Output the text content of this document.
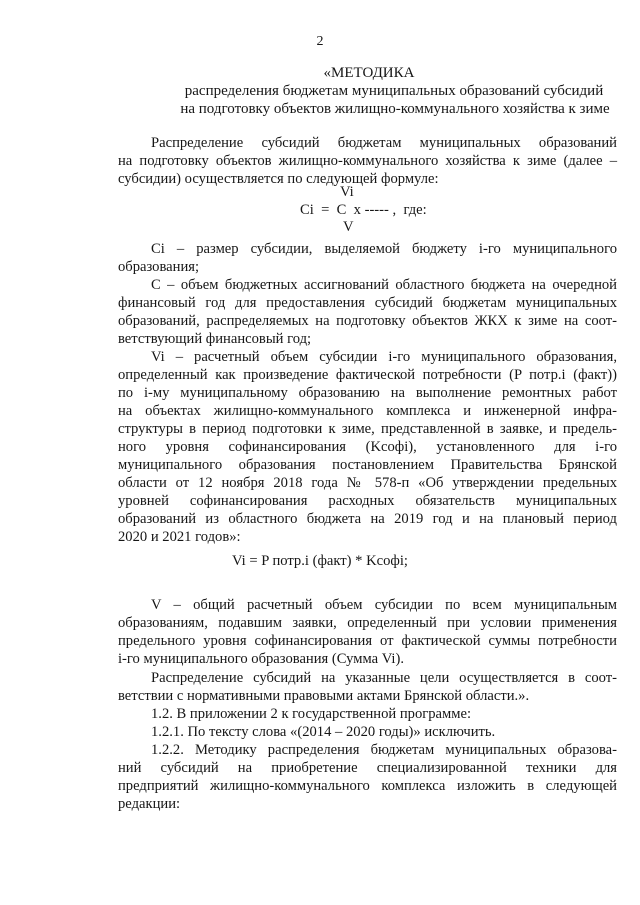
2
«МЕТОДИКА
распределения бюджетам муниципальных образований субсидий
на подготовку объектов жилищно-коммунального хозяйства к зиме
Распределение субсидий бюджетам муниципальных образований
на подготовку объектов жилищно-коммунального хозяйства к зиме (далее –
субсидии) осуществляется по следующей формуле:
Vi
Ci  =  C  x ----- ,  где:
V
Ci – размер субсидии, выделяемой бюджету i-го муниципального
образования;
С – объем бюджетных ассигнований областного бюджета на очередной
финансовый год для предоставления субсидий бюджетам муниципальных
образований, распределяемых на подготовку объектов ЖКХ к зиме на соот-
ветствующий финансовый год;
Vi – расчетный объем субсидии i-го муниципального образования,
определенный как произведение фактической потребности (P потр.i (факт))
по i-му муниципальному образованию на выполнение ремонтных работ
на объектах жилищно-коммунального комплекса и инженерной инфра-
структуры в период подготовки к зиме, представленной в заявке, и предель-
ного уровня софинансирования (Kсофi), установленного для i-го
муниципального образования постановлением Правительства Брянской
области от 12 ноября 2018 года № 578-п «Об утверждении предельных
уровней софинансирования расходных обязательств муниципальных
образований из областного бюджета на 2019 год и на плановый период
2020 и 2021 годов»:
Vi = P потр.i (факт) * Kсофi;
V – общий расчетный объем субсидии по всем муниципальным
образованиям, подавшим заявки, определенный при условии применения
предельного уровня софинансирования от фактической суммы потребности
i-го муниципального образования (Сумма Vi).
Распределение субсидий на указанные цели осуществляется в соот-
ветствии с нормативными правовыми актами Брянской области.».
1.2. В приложении 2 к государственной программе:
1.2.1. По тексту слова «(2014 – 2020 годы)» исключить.
1.2.2. Методику распределения бюджетам муниципальных образова-
ний субсидий на приобретение специализированной техники для
предприятий жилищно-коммунального комплекса изложить в следующей
редакции:
